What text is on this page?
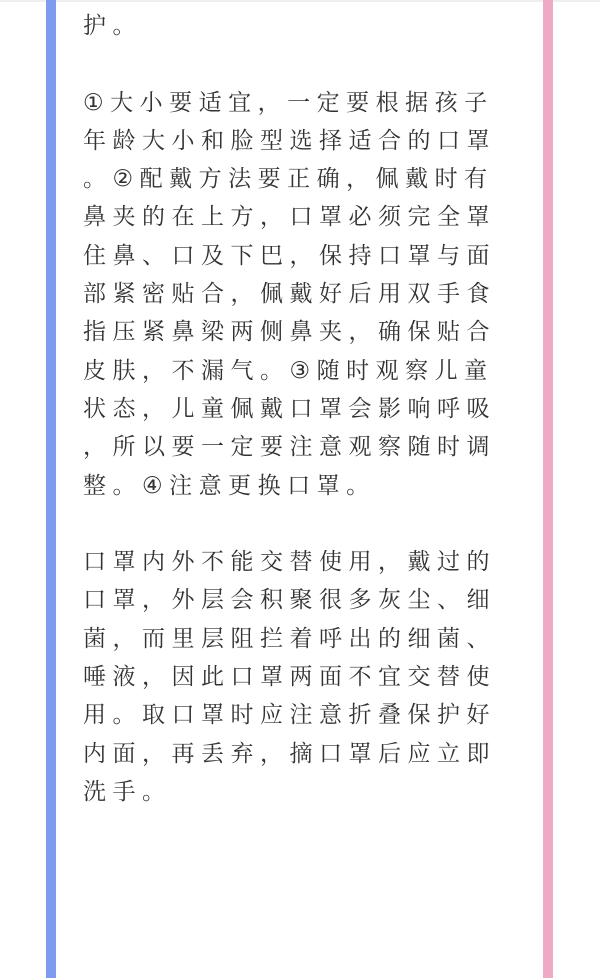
护。
①大小要适宜，一定要根据孩子
年龄大小和脸型选择适合的口罩
。②配戴方法要正确，佩戴时有
鼻夹的在上方，口罩必须完全罩
住鼻、口及下巴，保持口罩与面
部紧密贴合，佩戴好后用双手食
指压紧鼻梁两侧鼻夹，确保贴合
皮肤，不漏气。③随时观察儿童
状态，儿童佩戴口罩会影响呼吸
，所以要一定要注意观察随时调
整。④注意更换口罩。
口罩内外不能交替使用，戴过的
口罩，外层会积聚很多灰尘、细
菌，而里层阻拦着呼出的细菌、
唾液，因此口罩两面不宜交替使
用。取口罩时应注意折叠保护好
内面，再丢弃，摘口罩后应立即
洗手。
